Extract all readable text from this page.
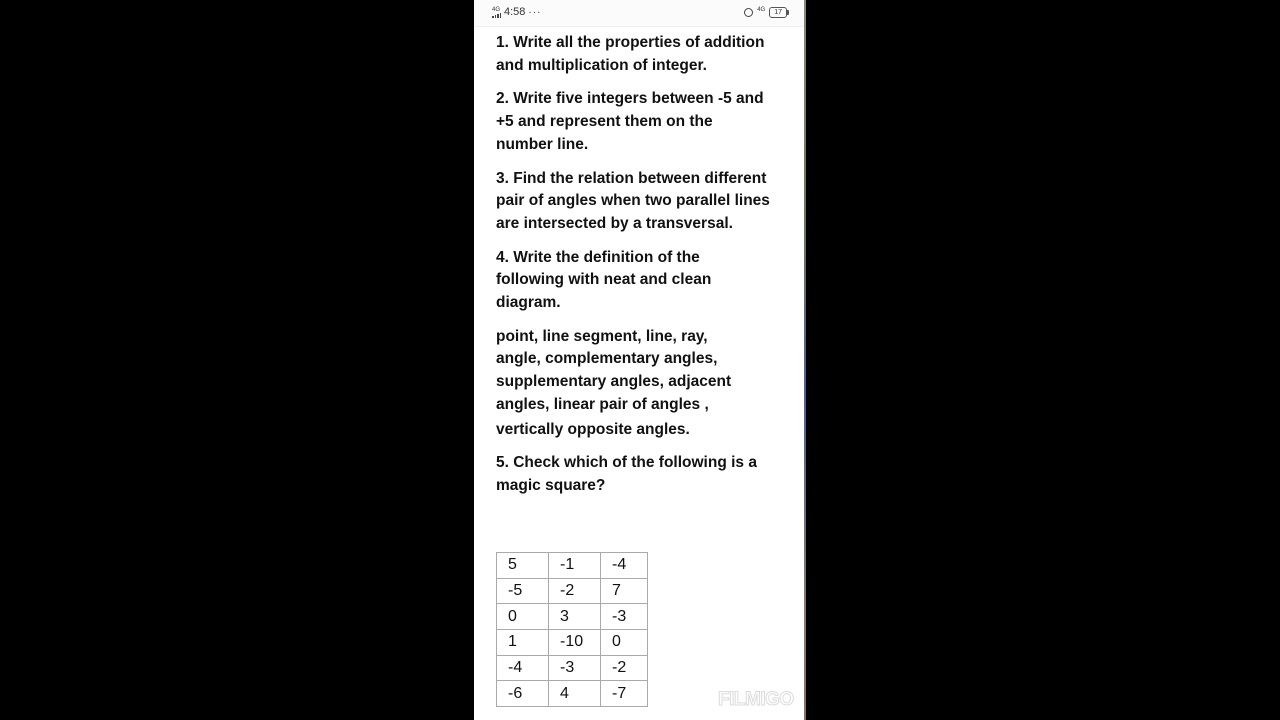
4G 4:58 ···	4G	17
1. Write all the properties of addition
and multiplication of integer.
2. Write five integers between -5 and
+5 and represent them on the
number line.
3. Find the relation between different
pair of angles when two parallel lines
are intersected by a transversal.
4. Write the definition of the
following with neat and clean
diagram.
point, line segment, line, ray,
angle, complementary angles,
supplementary angles, adjacent
angles, linear pair of angles ,
vertically opposite angles.
5. Check which of the following is a
magic square?
5	-1	-4
-5	-2	7
0	3	-3
1	-10	0
-4	-3	-2
-6	4	-7	FILMIGO
